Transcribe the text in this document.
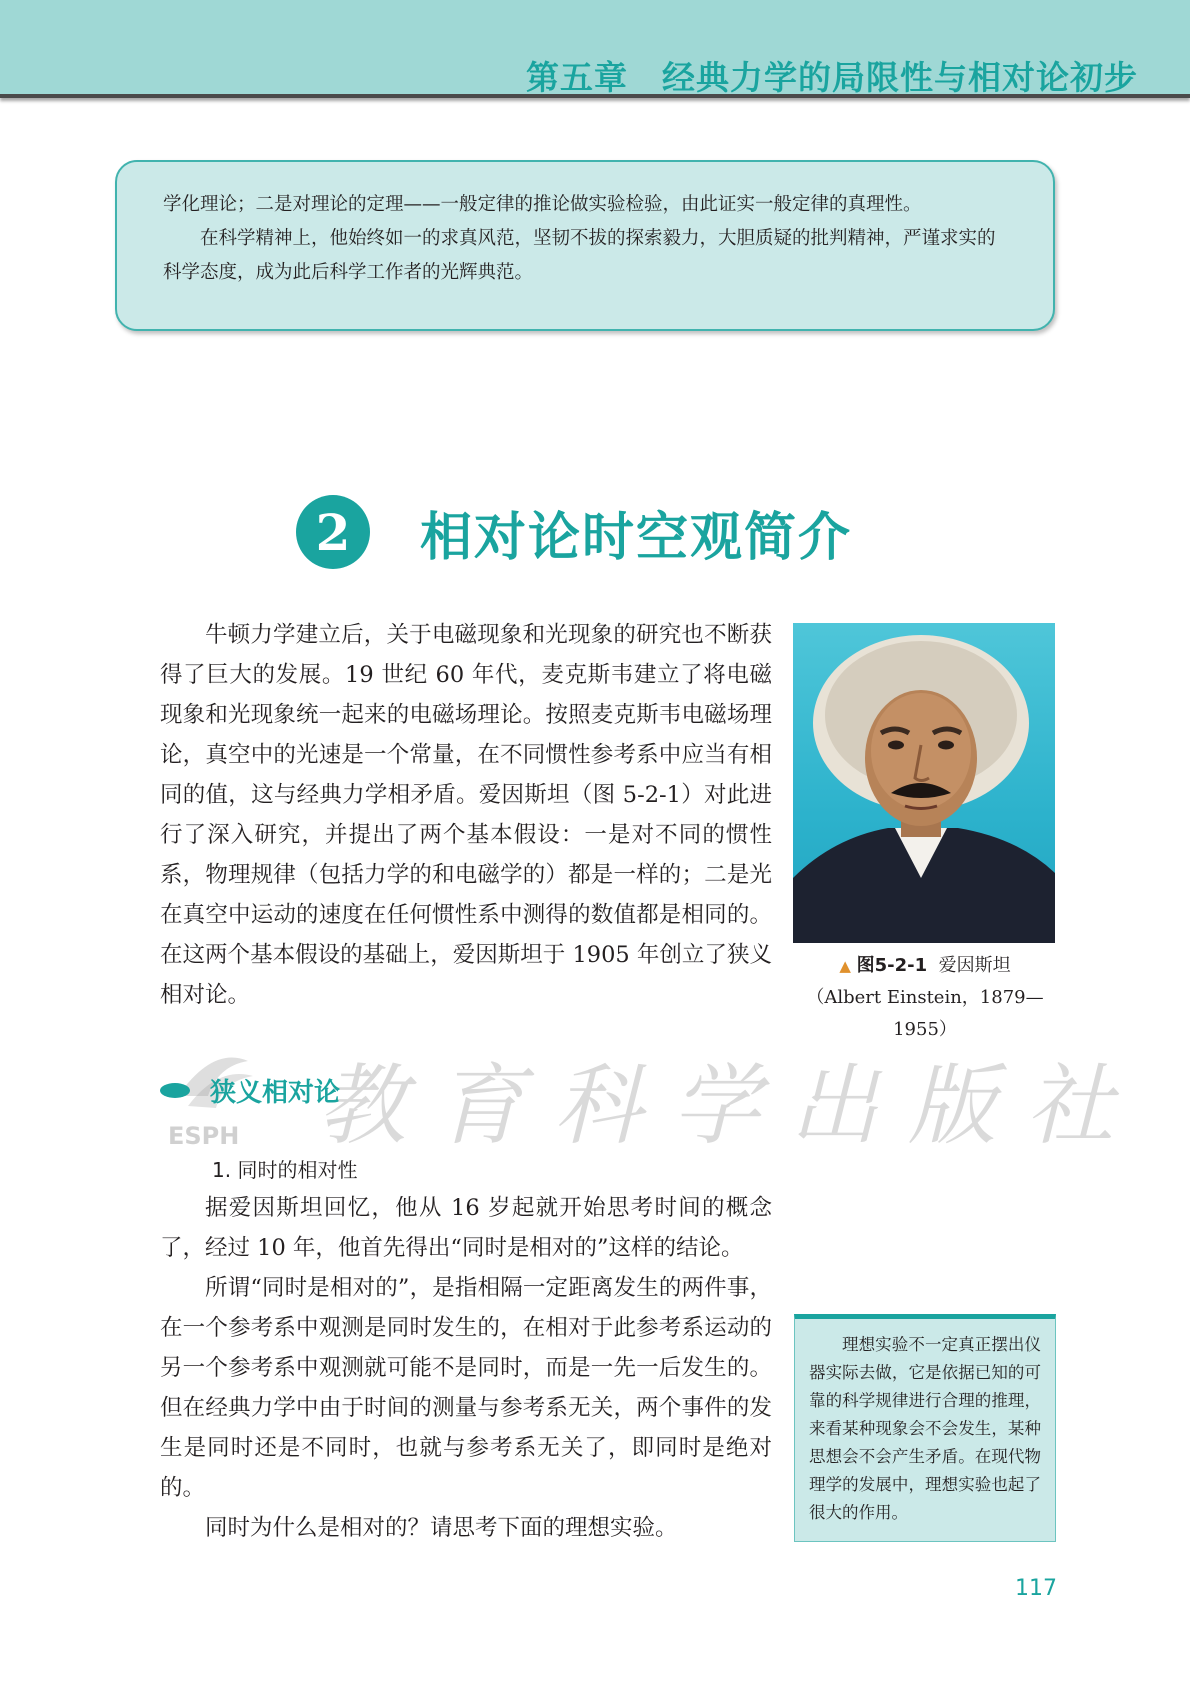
第五章 经典力学的局限性与相对论初步

学化理论；二是对理论的定理——一般定律的推论做实验检验，由此证实一般定律的真理性。

在科学精神上，他始终如一的求真风范，坚韧不拔的探索毅力，大胆质疑的批判精神，严谨求实的科学态度，成为此后科学工作者的光辉典范。

2	相对论时空观简介

牛顿力学建立后，关于电磁现象和光现象的研究也不断获得了巨大的发展。19 世纪 60 年代，麦克斯韦建立了将电磁现象和光现象统一起来的电磁场理论。按照麦克斯韦电磁场理论，真空中的光速是一个常量，在不同惯性参考系中应当有相同的值，这与经典力学相矛盾。爱因斯坦（图 5-2-1）对此进行了深入研究，并提出了两个基本假设：一是对不同的惯性系，物理规律（包括力学的和电磁学的）都是一样的；二是光在真空中运动的速度在任何惯性系中测得的数值都是相同的。在这两个基本假设的基础上，爱因斯坦于 1905 年创立了狭义相对论。

▲ 图5-2-1 爱因斯坦
（Albert Einstein，1879—1955）
ESPH 教育科学出版社
狭义相对论
1. 同时的相对性

据爱因斯坦回忆，他从 16 岁起就开始思考时间的概念了，经过 10 年，他首先得出“同时是相对的”这样的结论。

所谓“同时是相对的”，是指相隔一定距离发生的两件事，在一个参考系中观测是同时发生的，在相对于此参考系运动的另一个参考系中观测就可能不是同时，而是一先一后发生的。但在经典力学中由于时间的测量与参考系无关，两个事件的发生是同时还是不同时，也就与参考系无关了，即同时是绝对的。

同时为什么是相对的？请思考下面的理想实验。

理想实验不一定真正摆出仪器实际去做，它是依据已知的可靠的科学规律进行合理的推理，来看某种现象会不会发生，某种思想会不会产生矛盾。在现代物理学的发展中，理想实验也起了很大的作用。

117
